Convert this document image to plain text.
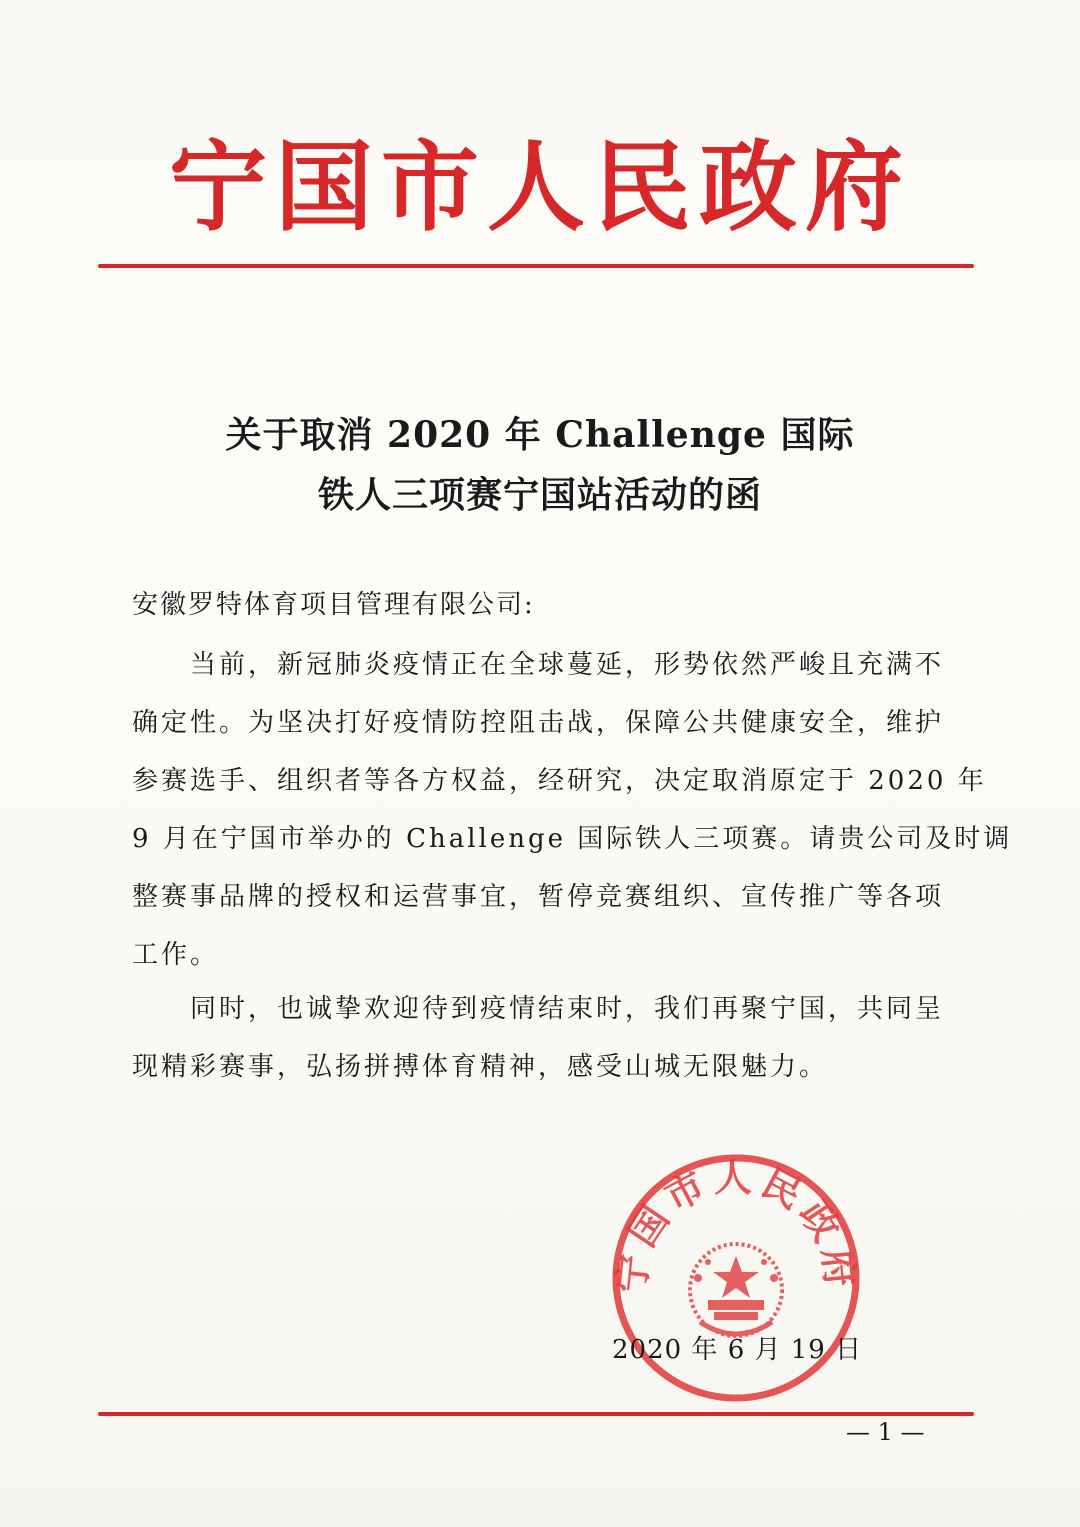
宁国市人民政府
关于取消 2020 年 Challenge 国际
铁人三项赛宁国站活动的函
安徽罗特体育项目管理有限公司:
当前，新冠肺炎疫情正在全球蔓延，形势依然严峻且充满不
确定性。为坚决打好疫情防控阻击战，保障公共健康安全，维护
参赛选手、组织者等各方权益，经研究，决定取消原定于 2020 年
9 月在宁国市举办的 Challenge 国际铁人三项赛。请贵公司及时调
整赛事品牌的授权和运营事宜，暂停竞赛组织、宣传推广等各项
工作。
同时，也诚挚欢迎待到疫情结束时，我们再聚宁国，共同呈
现精彩赛事，弘扬拼搏体育精神，感受山城无限魅力。
宁国市人民政府
2020 年 6 月 19 日
— 1 —
